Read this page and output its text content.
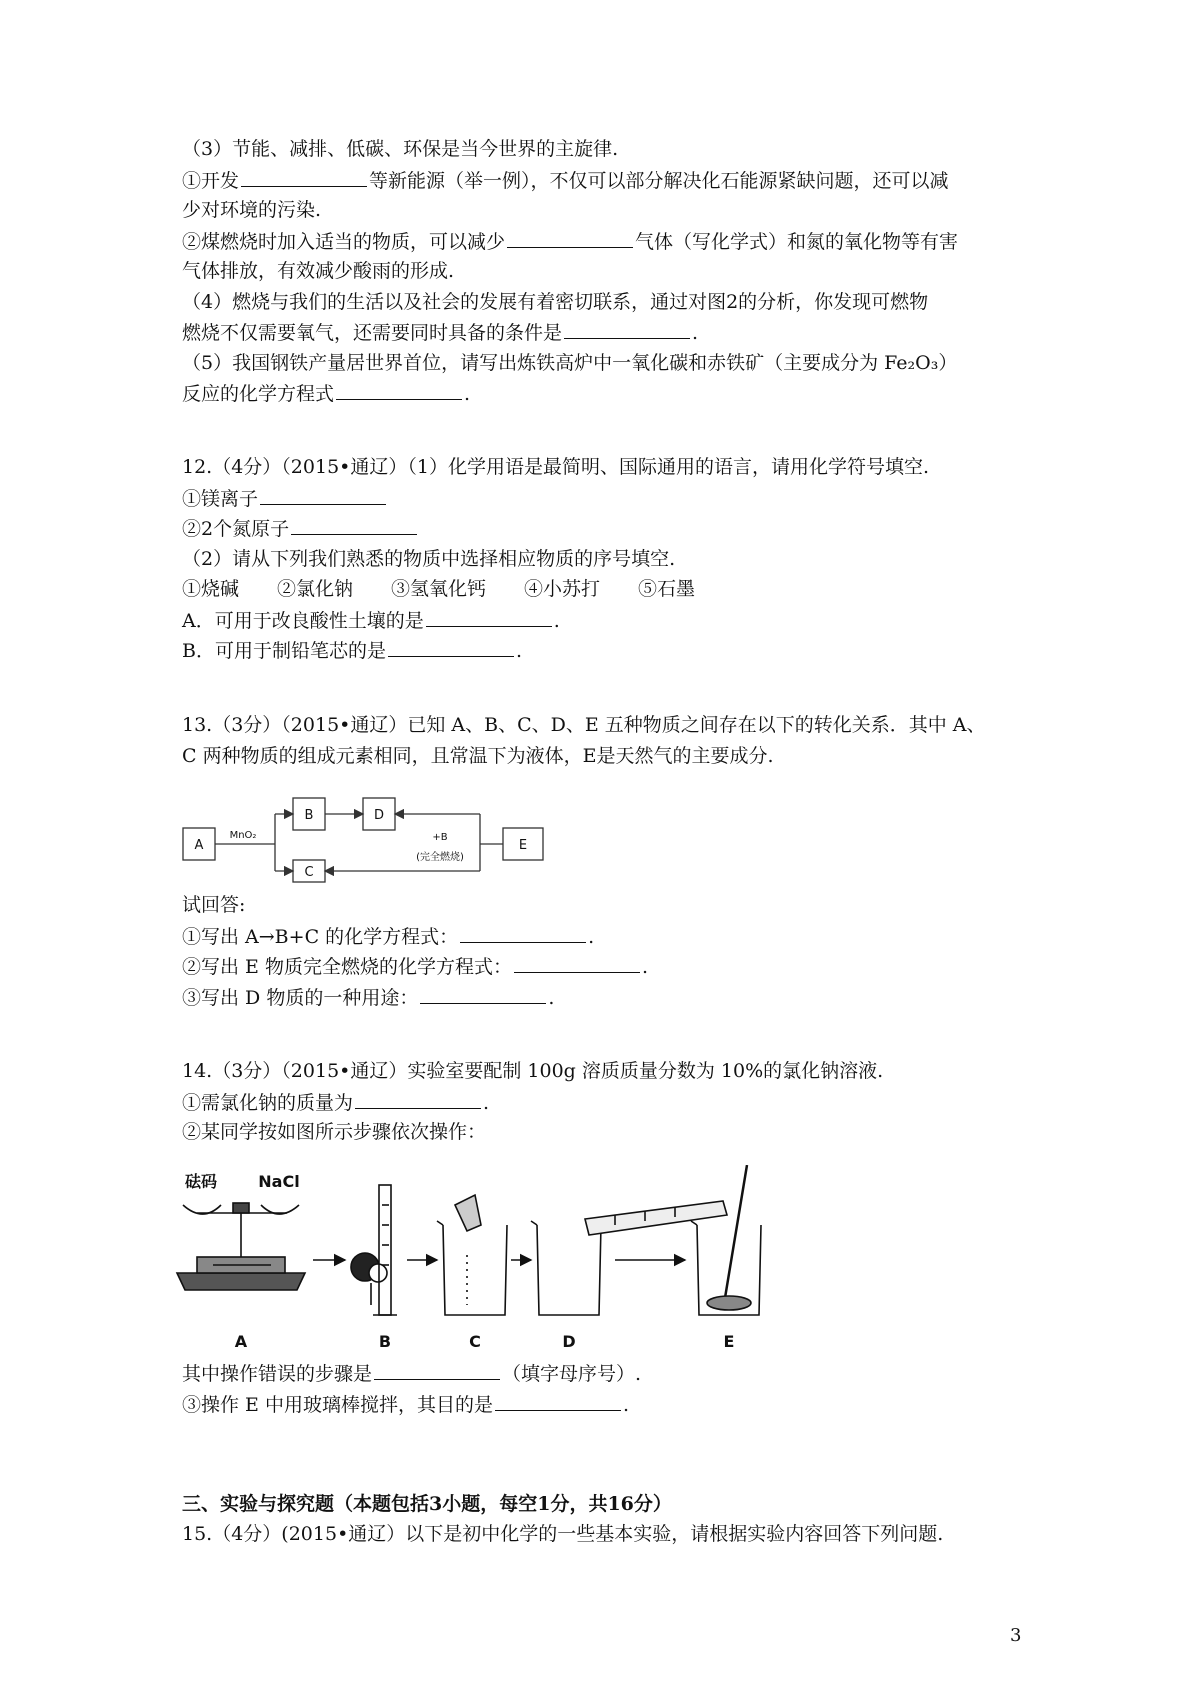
（3）节能、减排、低碳、环保是当今世界的主旋律.
①开发	等新能源（举一例），不仅可以部分解决化石能源紧缺问题，还可以减
少对环境的污染.
②煤燃烧时加入适当的物质，可以减少	气体（写化学式）和氮的氧化物等有害
气体排放，有效减少酸雨的形成.
（4）燃烧与我们的生活以及社会的发展有着密切联系，通过对图2的分析，你发现可燃物
燃烧不仅需要氧气，还需要同时具备的条件是	.
（5）我国钢铁产量居世界首位，请写出炼铁高炉中一氧化碳和赤铁矿（主要成分为 Fe₂O₃）
反应的化学方程式	.
12.（4分）（2015•通辽）（1）化学用语是最简明、国际通用的语言，请用化学符号填空.
①镁离子
②2个氮原子
（2）请从下列我们熟悉的物质中选择相应物质的序号填空.
①烧碱　　②氯化钠　　③氢氧化钙　　④小苏打　　⑤石墨
A．可用于改良酸性土壤的是	.
B．可用于制铅笔芯的是	.
13.（3分）（2015•通辽）已知 A、B、C、D、E 五种物质之间存在以下的转化关系．其中 A、
C 两种物质的组成元素相同，且常温下为液体，E是天然气的主要成分.
A
B	D
C
E
MnO₂	+B
(完全燃烧)
试回答:
①写出 A→B+C 的化学方程式：	.
②写出 E 物质完全燃烧的化学方程式：	.
③写出 D 物质的一种用途：	.
14.（3分）（2015•通辽）实验室要配制 100g 溶质质量分数为 10%的氯化钠溶液.
①需氯化钠的质量为	.
②某同学按如图所示步骤依次操作：
砝码	NaCl
A	B	C	D	E
其中操作错误的步骤是	（填字母序号）.
③操作 E 中用玻璃棒搅拌，其目的是	.
三、实验与探究题（本题包括3小题，每空1分，共16分）
15.（4分）(2015•通辽）以下是初中化学的一些基本实验，请根据实验内容回答下列问题.
3
